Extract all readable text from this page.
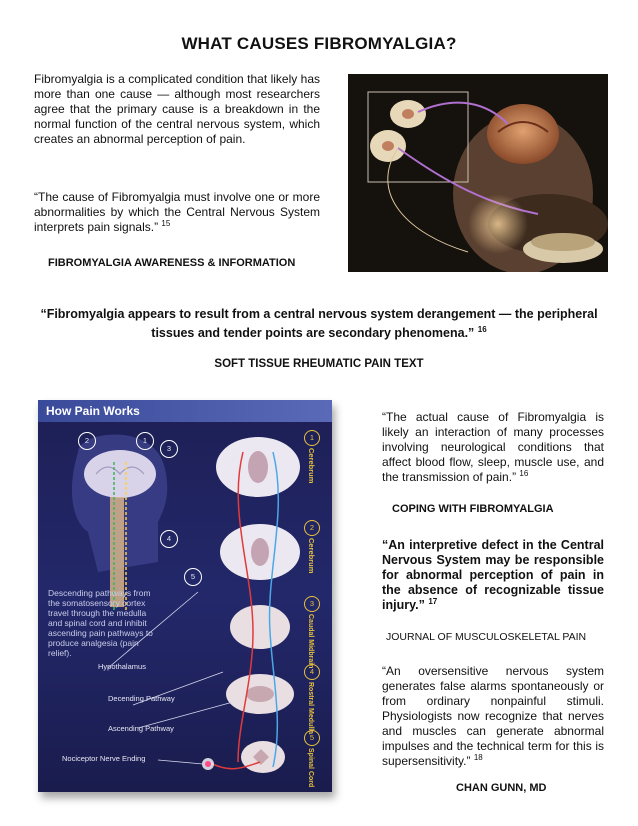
WHAT CAUSES FIBROMYALGIA?
Fibromyalgia is a complicated condition that likely has more than one cause — although most researchers agree that the primary cause is a breakdown in the normal function of the central nervous system, which creates an abnormal perception of pain.
“The cause of Fibromyalgia must involve one or more abnormalities by which the Central Nervous System interprets pain signals.” $^{15}$
FIBROMYALGIA AWARENESS & INFORMATION
“Fibromyalgia appears to result from a central nervous system derangement — the peripheral tissues and tender points are secondary phenomena.” $^{16}$
SOFT TISSUE RHEUMATIC PAIN TEXT
How Pain Works
2	1
3
4
5
Descending pathways from the somatosensory cortex travel through the medulla and spinal cord and inhibit ascending pain pathways to produce analgesia (pain relief).
Hypothalamus
Decending Pathway
Ascending Pathway
Nociceptor Nerve Ending
1
Cerebrum
2
Cerebrum
3
Caudal Midbrain
4
Rostral Medulla
5
Spinal Cord
“The actual cause of Fibromyalgia is likely an interaction of many processes involving neurological conditions that affect blood flow, sleep, muscle use, and the transmission of pain.” $^{16}$
COPING WITH FIBROMYALGIA
“An interpretive defect in the Central Nervous System may be responsible for abnormal perception of pain in the absence of recognizable tissue injury.” $^{17}$
JOURNAL OF MUSCULOSKELETAL PAIN
“An oversensitive nervous system generates false alarms spontaneously or from ordinary nonpainful stimuli. Physiologists now recognize that nerves and muscles can generate abnormal impulses and the technical term for this is supersensitivity.” $^{18}$
CHAN GUNN, MD
